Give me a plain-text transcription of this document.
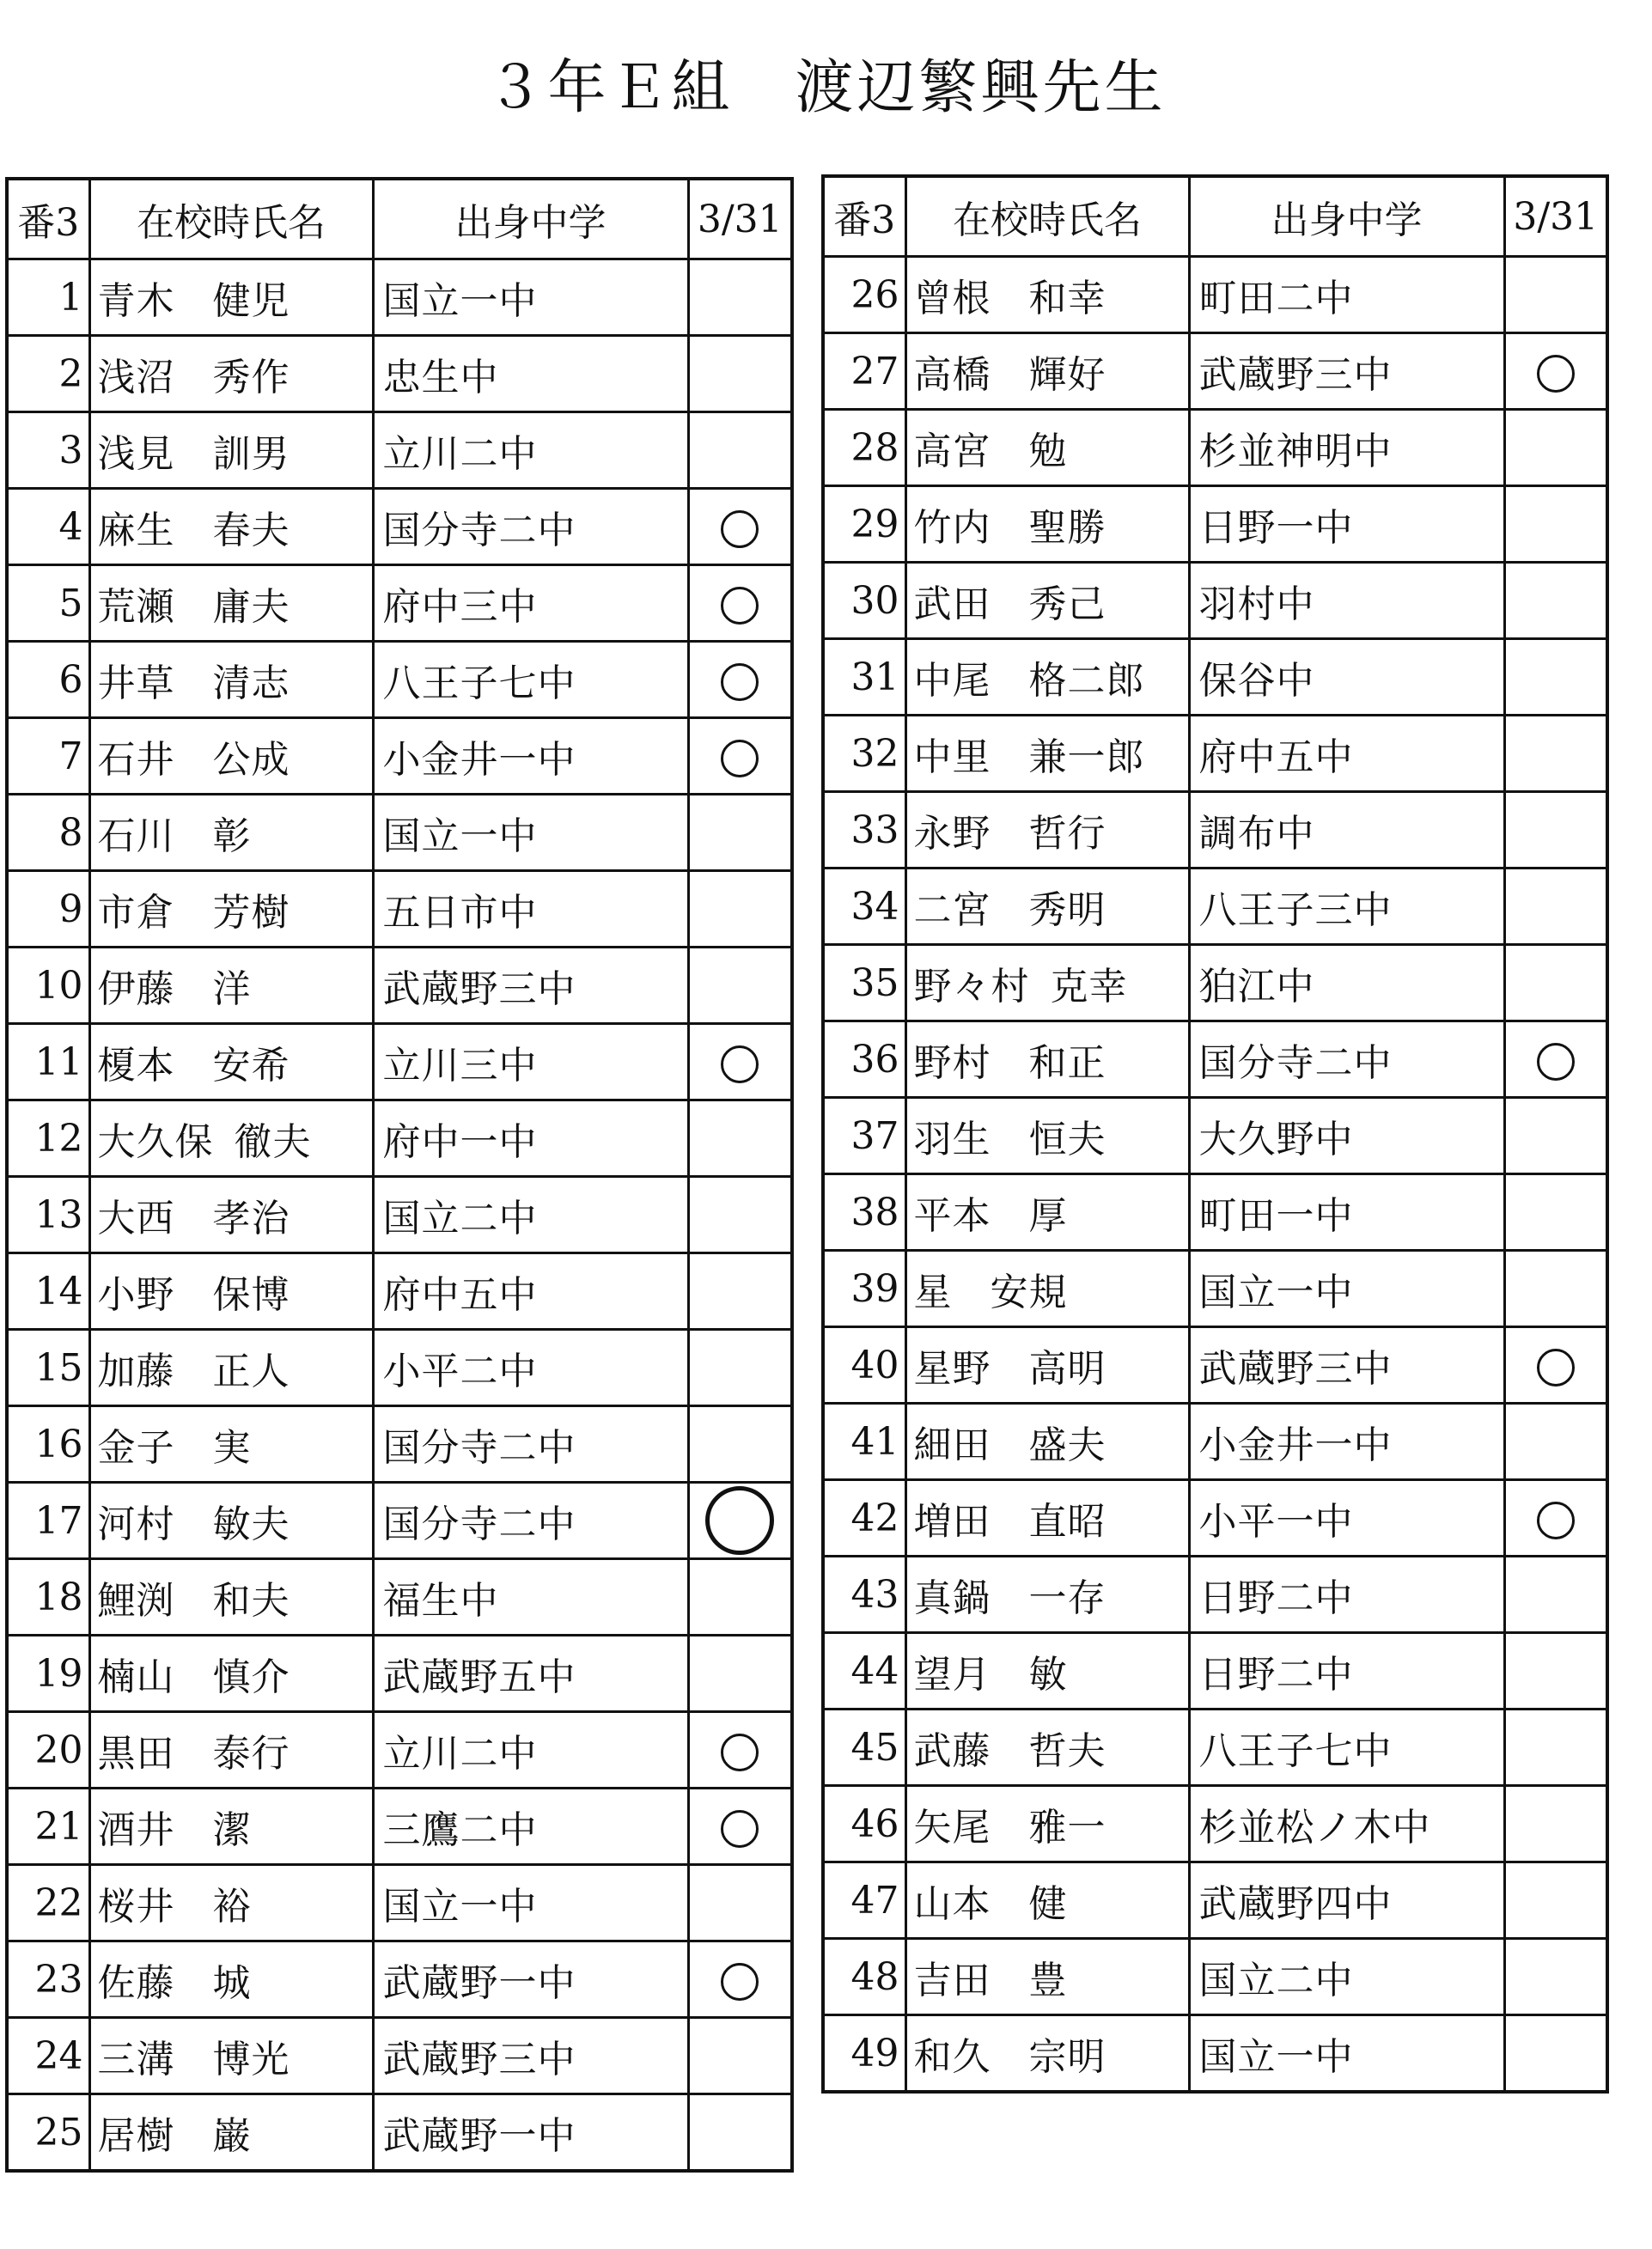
３年Ｅ組　渡辺繁興先生
番3	在校時氏名	出身中学	3/31
1	青木 健児	国立一中	
2	浅沼 秀作	忠生中	
3	浅見 訓男	立川二中	
4	麻生 春夫	国分寺二中	
5	荒瀬 庸夫	府中三中	
6	井草 清志	八王子七中	
7	石井 公成	小金井一中	
8	石川 彰	国立一中	
9	市倉 芳樹	五日市中	
10	伊藤 洋	武蔵野三中	
11	榎本 安希	立川三中	
12	大久保 徹夫	府中一中	
13	大西 孝治	国立二中	
14	小野 保博	府中五中	
15	加藤 正人	小平二中	
16	金子 実	国分寺二中	
17	河村 敏夫	国分寺二中	
18	鯉渕 和夫	福生中	
19	楠山 慎介	武蔵野五中	
20	黒田 泰行	立川二中	
21	酒井 潔	三鷹二中	
22	桜井 裕	国立一中	
23	佐藤 城	武蔵野一中	
24	三溝 博光	武蔵野三中	
25	居樹 巌	武蔵野一中	
番3	在校時氏名	出身中学	3/31
26	曾根 和幸	町田二中	
27	高橋 輝好	武蔵野三中	
28	高宮 勉	杉並神明中	
29	竹内 聖勝	日野一中	
30	武田 秀己	羽村中	
31	中尾 格二郎	保谷中	
32	中里 兼一郎	府中五中	
33	永野 哲行	調布中	
34	二宮 秀明	八王子三中	
35	野々村 克幸	狛江中	
36	野村 和正	国分寺二中	
37	羽生 恒夫	大久野中	
38	平本 厚	町田一中	
39	星 安規	国立一中	
40	星野 高明	武蔵野三中	
41	細田 盛夫	小金井一中	
42	増田 直昭	小平一中	
43	真鍋 一存	日野二中	
44	望月 敏	日野二中	
45	武藤 哲夫	八王子七中	
46	矢尾 雅一	杉並松ノ木中	
47	山本 健	武蔵野四中	
48	吉田 豊	国立二中	
49	和久 宗明	国立一中	
